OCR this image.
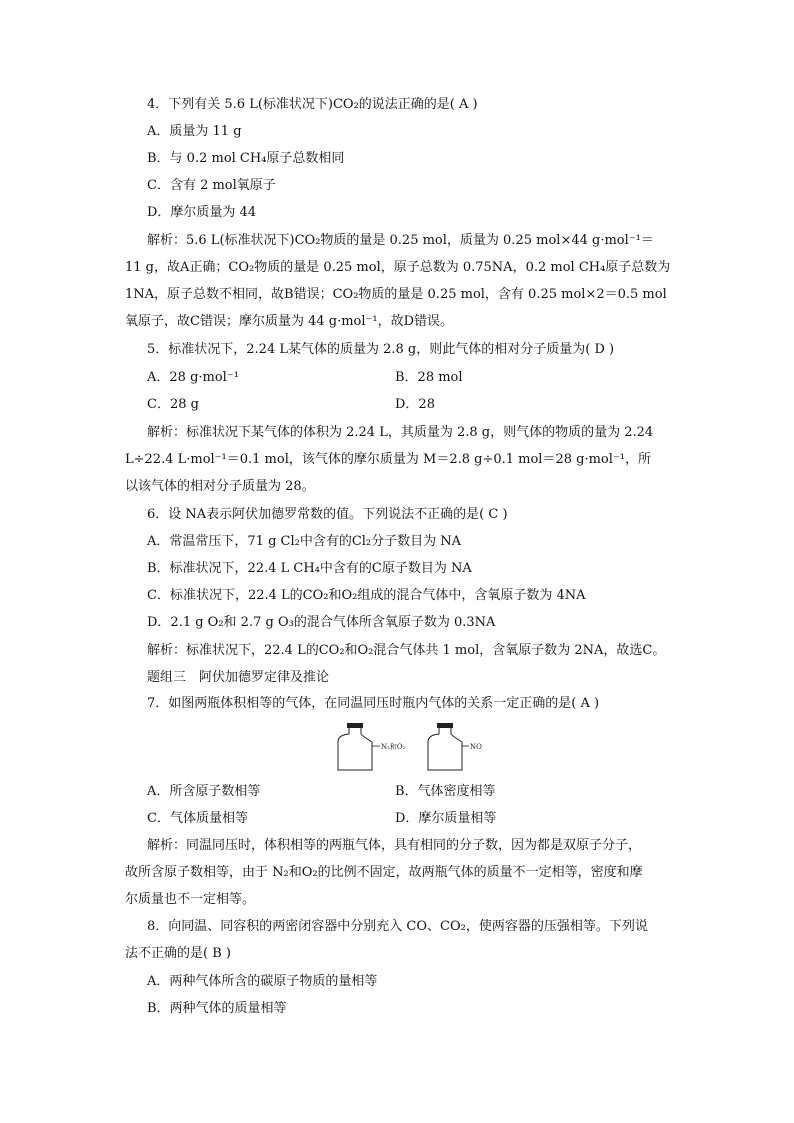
4．下列有关 5.6 L(标准状况下)CO₂的说法正确的是( A )
A．质量为 11 g
B．与 0.2 mol CH₄原子总数相同
C．含有 2 mol氧原子
D．摩尔质量为 44
解析：5.6 L(标准状况下)CO₂物质的量是 0.25 mol，质量为 0.25 mol×44 g·mol⁻¹＝
11 g，故A正确；CO₂物质的量是 0.25 mol，原子总数为 0.75NA，0.2 mol CH₄原子总数为
1NA，原子总数不相同，故B错误；CO₂物质的量是 0.25 mol，含有 0.25 mol×2＝0.5 mol
氧原子，故C错误；摩尔质量为 44 g·mol⁻¹，故D错误。
5．标准状况下，2.24 L某气体的质量为 2.8 g，则此气体的相对分子质量为( D )
A．28 g·mol⁻¹	B．28 mol
C．28 g	D．28
解析：标准状况下某气体的体积为 2.24 L，其质量为 2.8 g，则气体的物质的量为 2.24
L÷22.4 L·mol⁻¹＝0.1 mol，该气体的摩尔质量为 M＝2.8 g÷0.1 mol＝28 g·mol⁻¹，所
以该气体的相对分子质量为 28。
6．设 NA表示阿伏加德罗常数的值。下列说法不正确的是( C )
A．常温常压下，71 g Cl₂中含有的Cl₂分子数目为 NA
B．标准状况下，22.4 L CH₄中含有的C原子数目为 NA
C．标准状况下，22.4 L的CO₂和O₂组成的混合气体中，含氧原子数为 4NA
D．2.1 g O₂和 2.7 g O₃的混合气体所含氧原子数为 0.3NA
解析：标准状况下，22.4 L的CO₂和O₂混合气体共 1 mol，含氧原子数为 2NA，故选C。
题组三　阿伏加德罗定律及推论
7．如图两瓶体积相等的气体，在同温同压时瓶内气体的关系一定正确的是( A )
N₂和O₂	NO
A．所含原子数相等	B．气体密度相等
C．气体质量相等	D．摩尔质量相等
解析：同温同压时，体积相等的两瓶气体，具有相同的分子数，因为都是双原子分子，
故所含原子数相等，由于 N₂和O₂的比例不固定，故两瓶气体的质量不一定相等，密度和摩
尔质量也不一定相等。
8．向同温、同容积的两密闭容器中分别充入 CO、CO₂，使两容器的压强相等。下列说
法不正确的是( B )
A．两种气体所含的碳原子物质的量相等
B．两种气体的质量相等
